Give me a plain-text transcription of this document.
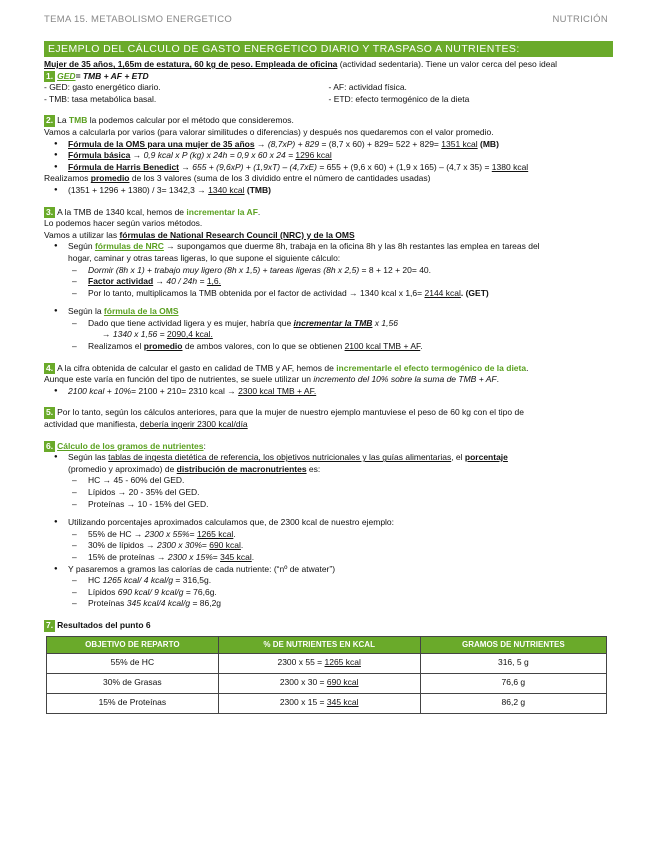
TEMA 15. METABOLISMO ENERGETICO	NUTRICIÓN
EJEMPLO DEL CÁLCULO DE GASTO ENERGETICO DIARIO Y TRASPASO A NUTRIENTES:

Mujer de 35 años, 1,65m de estatura, 60 kg de peso. Empleada de oficina (actividad sedentaria). Tiene un valor cerca del peso ideal

1. GED= TMB + AF + ETD

- GED: gasto energético diario.

- TMB: tasa metabólica basal.

- AF: actividad física.

- ETD: efecto termogénico de la dieta

2. La TMB la podemos calcular por el método que consideremos.

Vamos a calcularla por varios (para valorar similitudes o diferencias) y después nos quedaremos con el valor promedio.

● Fórmula de la OMS para una mujer de 35 años → (8,7xP) + 829 = (8,7 x 60) + 829= 522 + 829= 1351 kcal (MB)

● Fórmula básica → 0,9 kcal x P (kg) x 24h = 0,9 x 60 x 24 = 1296 kcal

● Fórmula de Harris Benedict → 655 + (9,6xP) + (1,9xT) – (4,7xE) = 655 + (9,6 x 60) + (1,9 x 165) – (4,7 x 35) = 1380 kcal

Realizamos promedio de los 3 valores (suma de los 3 dividido entre el número de cantidades usadas)

● (1351 + 1296 + 1380) / 3= 1342,3 → 1340 kcal (TMB)

3. A la TMB de 1340 kcal, hemos de incrementar la AF.

Lo podemos hacer según varios métodos.

Vamos a utilizar las fórmulas de National Research Council (NRC) y de la OMS

● Según fórmulas de NRC → supongamos que duerme 8h, trabaja en la oficina 8h y las 8h restantes las emplea en tareas del

hogar, caminar y otras tareas ligeras, lo que supone el siguiente cálculo:

– Dormir (8h x 1) + trabajo muy ligero (8h x 1,5) + tareas ligeras (8h x 2,5) = 8 + 12 + 20= 40.

– Factor actividad → 40 / 24h = 1,6.

– Por lo tanto, multiplicamos la TMB obtenida por el factor de actividad → 1340 kcal x 1,6= 2144 kcal. (GET)

● Según la fórmula de la OMS

– Dado que tiene actividad ligera y es mujer, habría que incrementar la TMB x 1,56

→ 1340 x 1,56 = 2090,4 kcal.

– Realizamos el promedio de ambos valores, con lo que se obtienen 2100 kcal TMB + AF.

4. A la cifra obtenida de calcular el gasto en calidad de TMB y AF, hemos de incrementarle el efecto termogénico de la dieta.

Aunque este varía en función del tipo de nutrientes, se suele utilizar un incremento del 10% sobre la suma de TMB + AF.

● 2100 kcal + 10%= 2100 + 210= 2310 kcal → 2300 kcal TMB + AF.

5. Por lo tanto, según los cálculos anteriores, para que la mujer de nuestro ejemplo mantuviese el peso de 60 kg con el tipo de

actividad que manifiesta, debería ingerir 2300 kcal/día

6. Cálculo de los gramos de nutrientes:

● Según las tablas de ingesta dietética de referencia, los objetivos nutricionales y las guías alimentarias, el porcentaje

(promedio y aproximado) de distribución de macronutrientes es:

– HC → 45 - 60% del GED.

– Lípidos → 20 - 35% del GED.

– Proteínas → 10 - 15% del GED.

● Utilizando porcentajes aproximados calculamos que, de 2300 kcal de nuestro ejemplo:

– 55% de HC → 2300 x 55%= 1265 kcal.

– 30% de lípidos → 2300 x 30%= 690 kcal.

– 15% de proteínas → 2300 x 15%= 345 kcal.

● Y pasaremos a gramos las calorías de cada nutriente: (“nº de atwater”)

– HC 1265 kcal/ 4 kcal/g = 316,5g.

– Lípidos 690 kcal/ 9 kcal/g = 76,6g.

– Proteínas 345 kcal/4 kcal/g = 86,2g

7. Resultados del punto 6

OBJETIVO DE REPARTO	% DE NUTRIENTES EN KCAL	GRAMOS DE NUTRIENTES
55% de HC	2300 x 55 = 1265 kcal	316, 5 g
30% de Grasas	2300 x 30 = 690 kcal	76,6 g
15% de Proteínas	2300 x 15 = 345 kcal	86,2 g
